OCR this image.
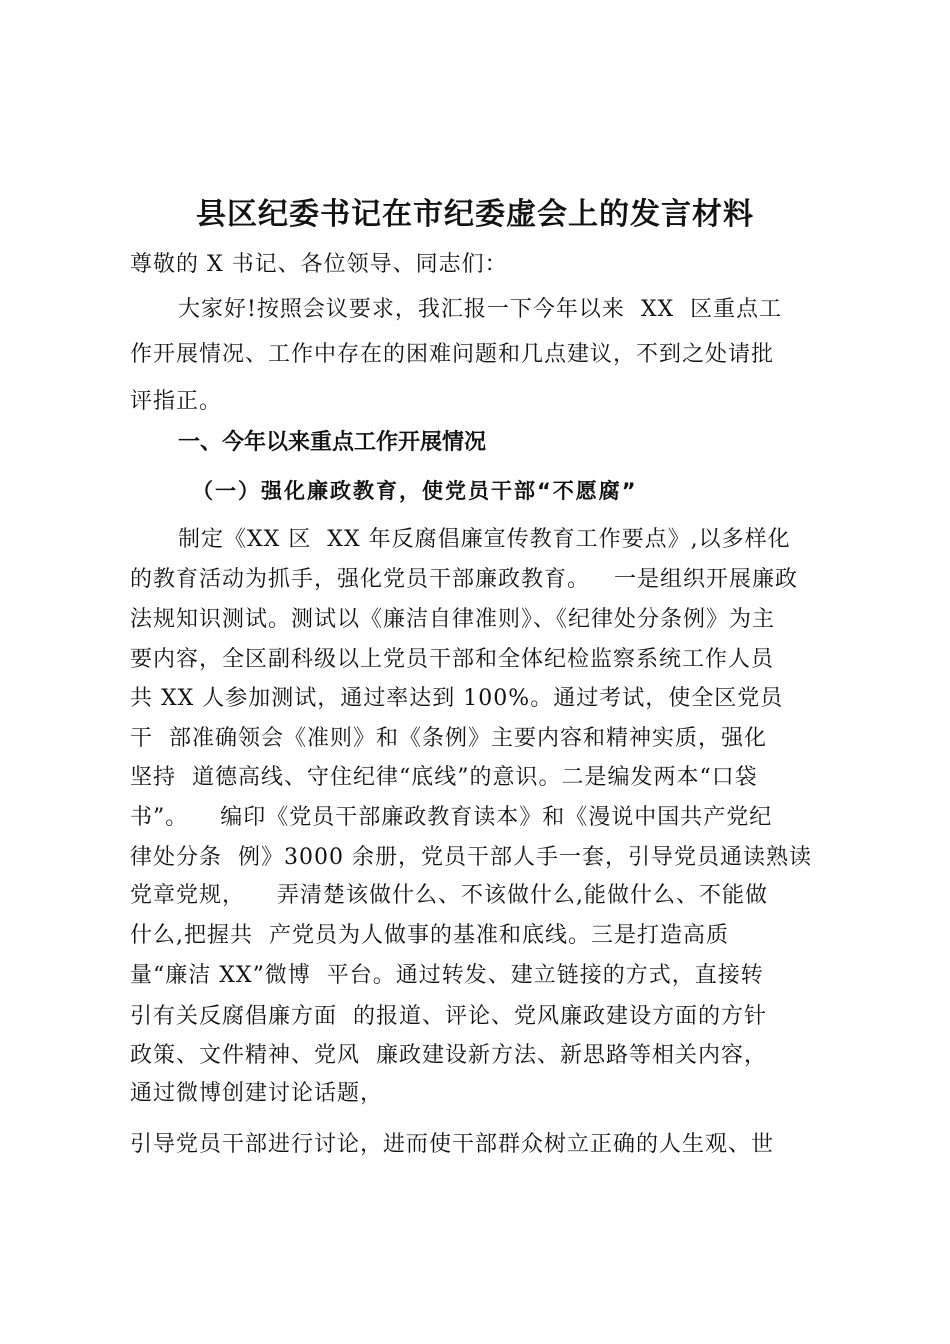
县区纪委书记在市纪委虚会上的发言材料
尊敬的 X 书记、各位领导、同志们：
大家好!按照会议要求，我汇报一下今年以来  XX  区重点工
作开展情况、工作中存在的困难问题和几点建议，不到之处请批
评指正。
一、今年以来重点工作开展情况
（一）强化廉政教育，使党员干部“不愿腐”
制定《XX 区  XX 年反腐倡廉宣传教育工作要点》,以多样化
的教育活动为抓手，强化党员干部廉政教育。   一是组织开展廉政
法规知识测试。测试以《廉洁自律准则》、《纪律处分条例》为主
要内容，全区副科级以上党员干部和全体纪检监察系统工作人员
共 XX 人参加测试，通过率达到 100%。通过考试，使全区党员
干  部准确领会《准则》和《条例》主要内容和精神实质，强化
坚持  道德高线、守住纪律“底线”的意识。二是编发两本“口袋
书”。    编印《党员干部廉政教育读本》和《漫说中国共产党纪
律处分条  例》3000 余册，党员干部人手一套，引导党员通读熟读
党章党规，    弄清楚该做什么、不该做什么,能做什么、不能做
什么,把握共  产党员为人做事的基准和底线。三是打造高质
量“廉洁 XX”微博  平台。通过转发、建立链接的方式，直接转
引有关反腐倡廉方面  的报道、评论、党风廉政建设方面的方针
政策、文件精神、党风  廉政建设新方法、新思路等相关内容，
通过微博创建讨论话题，
引导党员干部进行讨论，进而使干部群众树立正确的人生观、世
